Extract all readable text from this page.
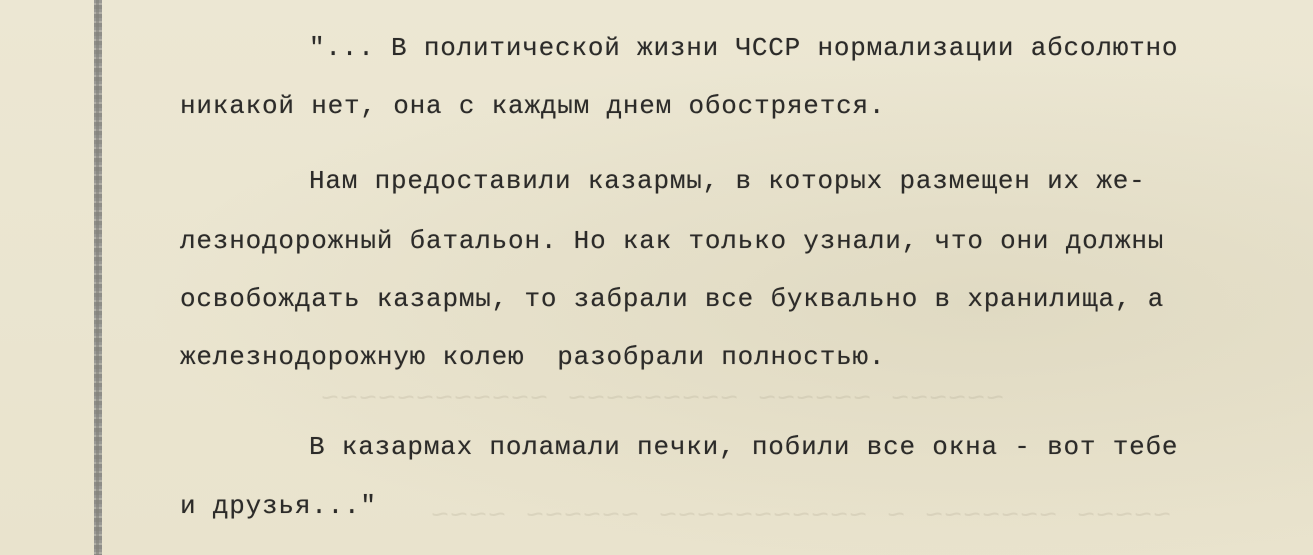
~~~~~~ ~~~~~~ ~~~~~~~~~ ~~~~~~~~~~~~
~~~~~ ~~~~~~~ ~ ~~~~~~~~~~~ ~~~~~~ ~~~~

"... В политической жизни ЧССР нормализации абсолютно

никакой нет, она с каждым днем обостряется.

Нам предоставили казармы, в которых размещен их же-

лезнодорожный батальон. Но как только узнали, что они должны

освобождать казармы, то забрали все буквально в хранилища, а

железнодорожную колею  разобрали полностью.

В казармах поламали печки, побили все окна - вот тебе

и друзья..."
